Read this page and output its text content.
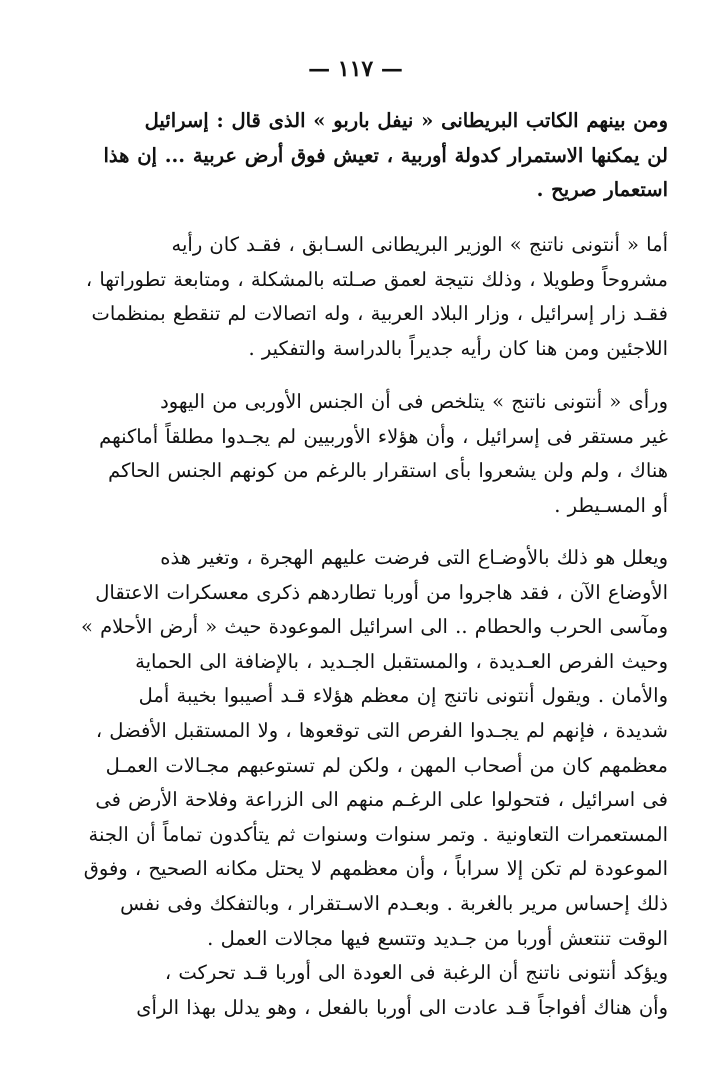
— ١١٧ —
ومن بينهم الكاتب البريطانى « نيفل باربو » الذى قال : إسرائيل
لن يمكنها الاستمرار كدولة أوربية ، تعيش فوق أرض عربية ... إن هذا
استعمار صريح .
أما « أنتونى ناتنج » الوزير البريطانى السـابق ، فقـد كان رأيه
مشروحاً وطويلا ، وذلك نتيجة لعمق صـلته بالمشكلة ، ومتابعة تطوراتها ،
فقـد زار إسرائيل ، وزار البلاد العربية ، وله اتصالات لم تنقطع بمنظمات
اللاجئين ومن هنا كان رأيه جديراً بالدراسة والتفكير .
ورأى « أنتونى ناتنج » يتلخص فى أن الجنس الأوربى من اليهود
غير مستقر فى إسرائيل ، وأن هؤلاء الأوربيين لم يجـدوا مطلقاً أماكنهم
هناك ، ولم ولن يشعروا بأى استقرار بالرغم من كونهم الجنس الحاكم
أو المسـيطر .
ويعلل هو ذلك بالأوضـاع التى فرضت عليهم الهجرة ، وتغير هذه
الأوضاع الآن ، فقد هاجروا من أوربا تطاردهم ذكرى معسكرات الاعتقال
ومآسى الحرب والحطام .. الى اسرائيل الموعودة حيث « أرض الأحلام »
وحيث الفرص العـديدة ، والمستقبل الجـديد ، بالإضافة الى الحماية
والأمان . ويقول أنتونى ناتنج إن معظم هؤلاء قـد أصيبوا بخيبة أمل
شديدة ، فإنهم لم يجـدوا الفرص التى توقعوها ، ولا المستقبل الأفضل ،
معظمهم كان من أصحاب المهن ، ولكن لم تستوعبهم مجـالات العمـل
فى اسرائيل ، فتحولوا على الرغـم منهم الى الزراعة وفلاحة الأرض فى
المستعمرات التعاونية . وتمر سنوات وسنوات ثم يتأكدون تماماً أن الجنة
الموعودة لم تكن إلا سراباً ، وأن معظمهم لا يحتل مكانه الصحيح ، وفوق
ذلك إحساس مرير بالغربة . وبعـدم الاسـتقرار ، وبالتفكك وفى نفس
الوقت تنتعش أوربا من جـديد وتتسع فيها مجالات العمل .
ويؤكد أنتونى ناتنج أن الرغبة فى العودة الى أوربا قـد تحركت ،
وأن هناك أفواجاً قـد عادت الى أوربا بالفعل ، وهو يدلل بهذا الرأى
